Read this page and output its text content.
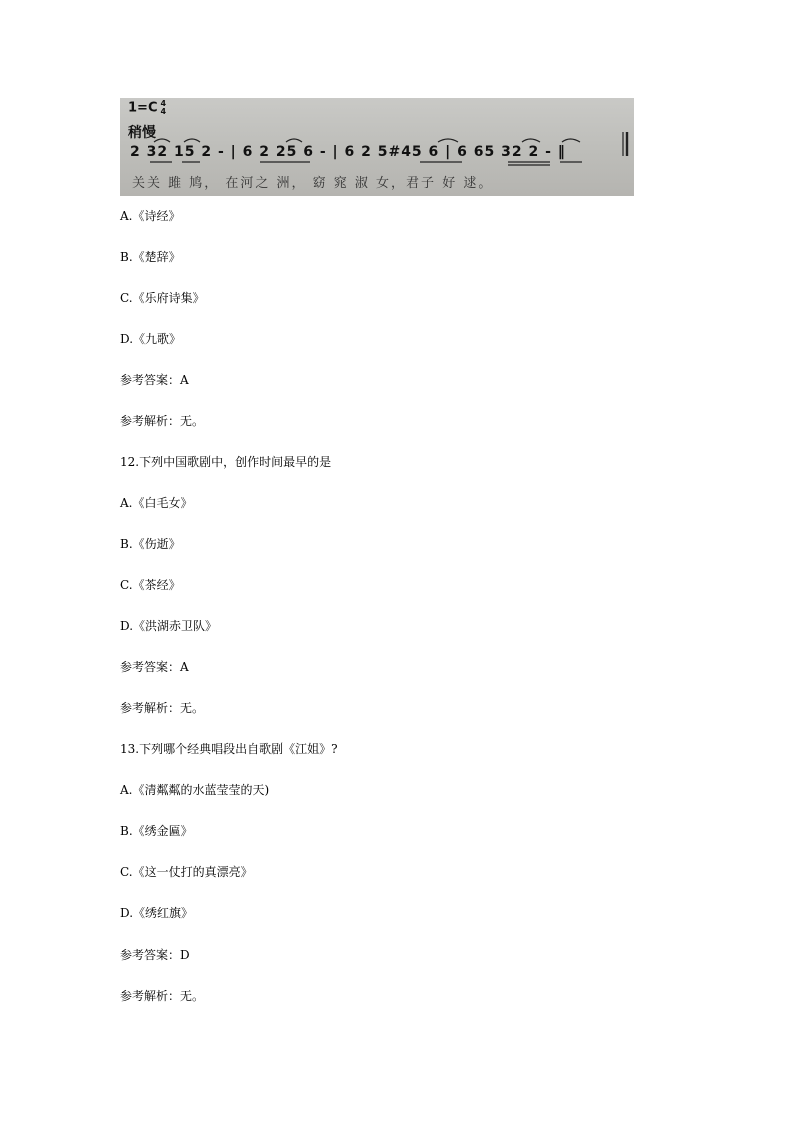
1=C 4
4
稍慢
2 32 15 2 - | 6 2 25 6 - | 6 2 5#45 6 | 6 65 32 2 - ‖
关关 雎 鸠， 在河之 洲， 窈 窕 淑 女，君子 好 逑。
A.《诗经》
B.《楚辞》
C.《乐府诗集》
D.《九歌》
参考答案：A
参考解析：无。
12.下列中国歌剧中，创作时间最早的是
A.《白毛女》
B.《伤逝》
C.《茶经》
D.《洪湖赤卫队》
参考答案：A
参考解析：无。
13.下列哪个经典唱段出自歌剧《江姐》?
A.《清粼粼的水蓝莹莹的天)
B.《绣金匾》
C.《这一仗打的真漂亮》
D.《绣红旗》
参考答案：D
参考解析：无。
